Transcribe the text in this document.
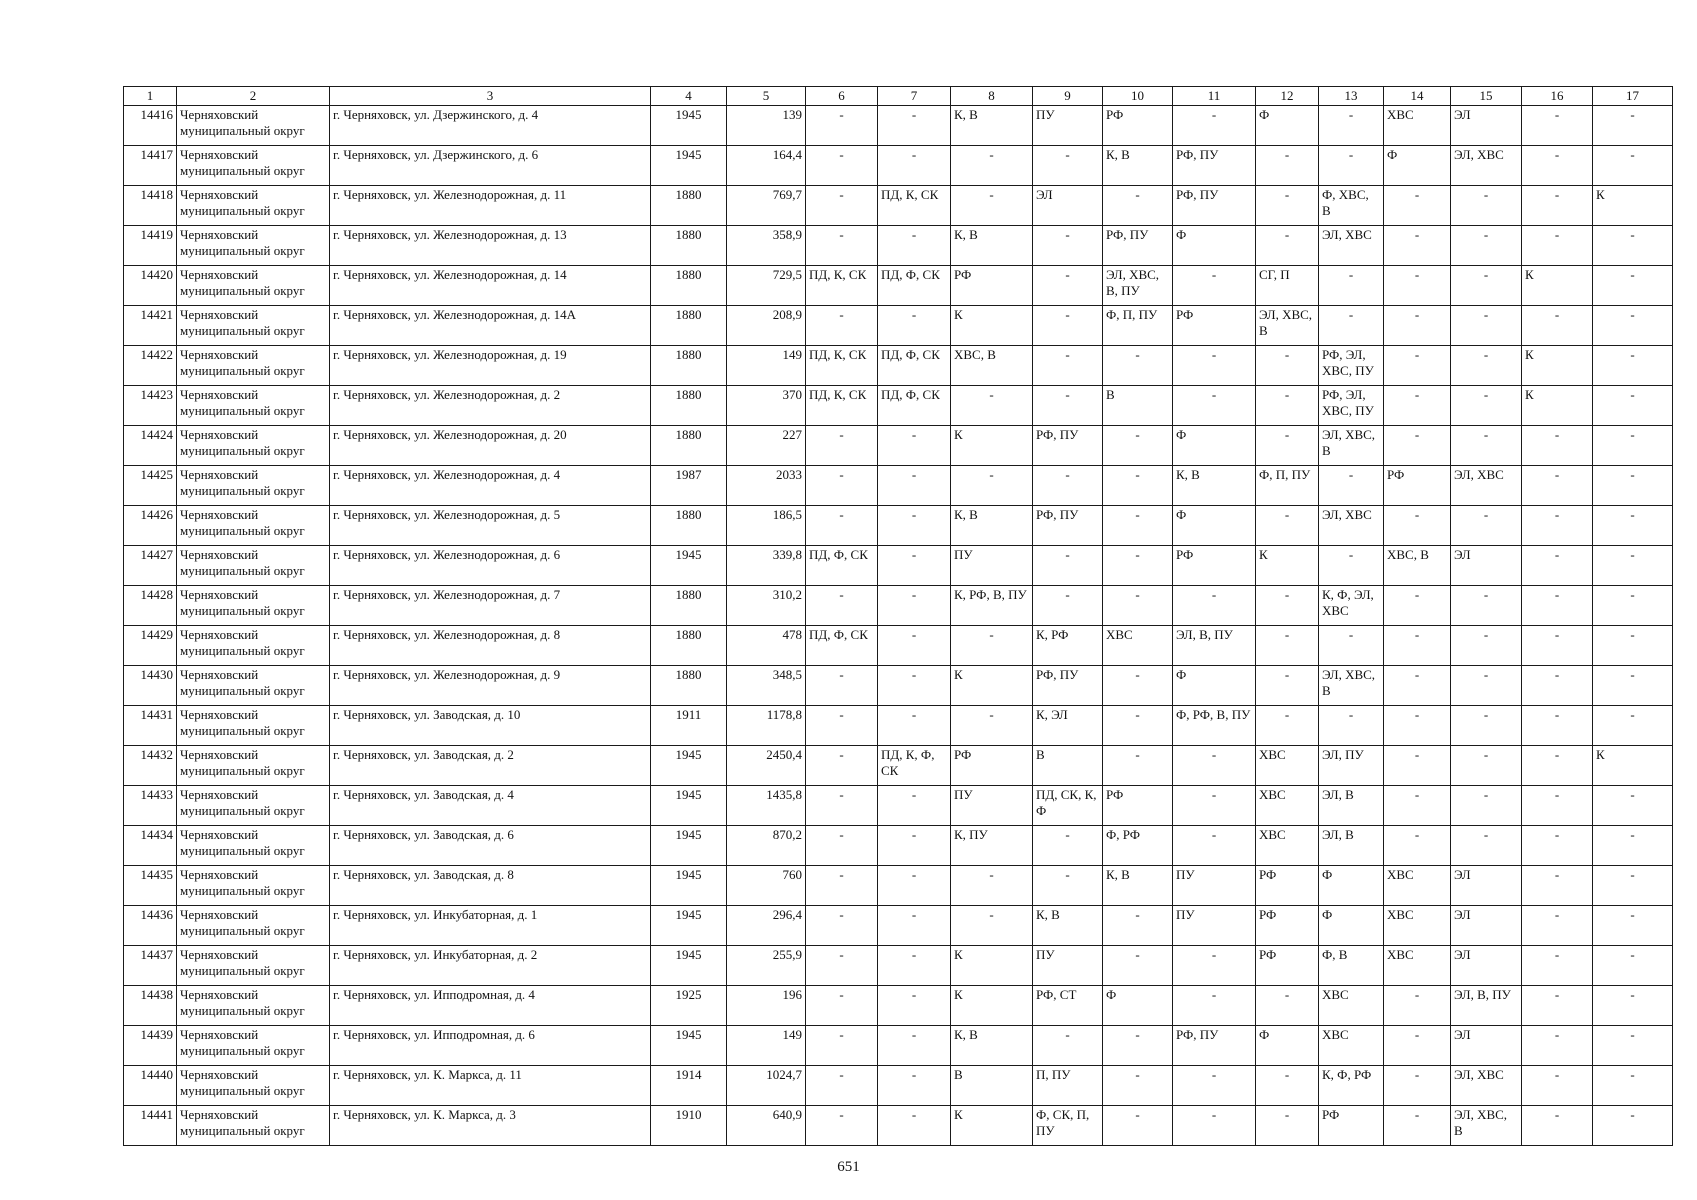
1	2	3	4	5	6	7	8	9	10	11	12	13	14	15	16	17
14416	Черняховский муниципальный округ	г. Черняховск, ул. Дзержинского, д. 4	1945	139	-	-	К, В	ПУ	РФ	-	Ф	-	ХВС	ЭЛ	-	-
14417	Черняховский муниципальный округ	г. Черняховск, ул. Дзержинского, д. 6	1945	164,4	-	-	-	-	К, В	РФ, ПУ	-	-	Ф	ЭЛ, ХВС	-	-
14418	Черняховский муниципальный округ	г. Черняховск, ул. Железнодорожная, д. 11	1880	769,7	-	ПД, К, СК	-	ЭЛ	-	РФ, ПУ	-	Ф, ХВС, В	-	-	-	К
14419	Черняховский муниципальный округ	г. Черняховск, ул. Железнодорожная, д. 13	1880	358,9	-	-	К, В	-	РФ, ПУ	Ф	-	ЭЛ, ХВС	-	-	-	-
14420	Черняховский муниципальный округ	г. Черняховск, ул. Железнодорожная, д. 14	1880	729,5	ПД, К, СК	ПД, Ф, СК	РФ	-	ЭЛ, ХВС, В, ПУ	-	СГ, П	-	-	-	К	-
14421	Черняховский муниципальный округ	г. Черняховск, ул. Железнодорожная, д. 14А	1880	208,9	-	-	К	-	Ф, П, ПУ	РФ	ЭЛ, ХВС, В	-	-	-	-	-
14422	Черняховский муниципальный округ	г. Черняховск, ул. Железнодорожная, д. 19	1880	149	ПД, К, СК	ПД, Ф, СК	ХВС, В	-	-	-	-	РФ, ЭЛ, ХВС, ПУ	-	-	К	-
14423	Черняховский муниципальный округ	г. Черняховск, ул. Железнодорожная, д. 2	1880	370	ПД, К, СК	ПД, Ф, СК	-	-	В	-	-	РФ, ЭЛ, ХВС, ПУ	-	-	К	-
14424	Черняховский муниципальный округ	г. Черняховск, ул. Железнодорожная, д. 20	1880	227	-	-	К	РФ, ПУ	-	Ф	-	ЭЛ, ХВС, В	-	-	-	-
14425	Черняховский муниципальный округ	г. Черняховск, ул. Железнодорожная, д. 4	1987	2033	-	-	-	-	-	К, В	Ф, П, ПУ	-	РФ	ЭЛ, ХВС	-	-
14426	Черняховский муниципальный округ	г. Черняховск, ул. Железнодорожная, д. 5	1880	186,5	-	-	К, В	РФ, ПУ	-	Ф	-	ЭЛ, ХВС	-	-	-	-
14427	Черняховский муниципальный округ	г. Черняховск, ул. Железнодорожная, д. 6	1945	339,8	ПД, Ф, СК	-	ПУ	-	-	РФ	К	-	ХВС, В	ЭЛ	-	-
14428	Черняховский муниципальный округ	г. Черняховск, ул. Железнодорожная, д. 7	1880	310,2	-	-	К, РФ, В, ПУ	-	-	-	-	К, Ф, ЭЛ, ХВС	-	-	-	-
14429	Черняховский муниципальный округ	г. Черняховск, ул. Железнодорожная, д. 8	1880	478	ПД, Ф, СК	-	-	К, РФ	ХВС	ЭЛ, В, ПУ	-	-	-	-	-	-
14430	Черняховский муниципальный округ	г. Черняховск, ул. Железнодорожная, д. 9	1880	348,5	-	-	К	РФ, ПУ	-	Ф	-	ЭЛ, ХВС, В	-	-	-	-
14431	Черняховский муниципальный округ	г. Черняховск, ул. Заводская, д. 10	1911	1178,8	-	-	-	К, ЭЛ	-	Ф, РФ, В, ПУ	-	-	-	-	-	-
14432	Черняховский муниципальный округ	г. Черняховск, ул. Заводская, д. 2	1945	2450,4	-	ПД, К, Ф, СК	РФ	В	-	-	ХВС	ЭЛ, ПУ	-	-	-	К
14433	Черняховский муниципальный округ	г. Черняховск, ул. Заводская, д. 4	1945	1435,8	-	-	ПУ	ПД, СК, К, Ф	РФ	-	ХВС	ЭЛ, В	-	-	-	-
14434	Черняховский муниципальный округ	г. Черняховск, ул. Заводская, д. 6	1945	870,2	-	-	К, ПУ	-	Ф, РФ	-	ХВС	ЭЛ, В	-	-	-	-
14435	Черняховский муниципальный округ	г. Черняховск, ул. Заводская, д. 8	1945	760	-	-	-	-	К, В	ПУ	РФ	Ф	ХВС	ЭЛ	-	-
14436	Черняховский муниципальный округ	г. Черняховск, ул. Инкубаторная, д. 1	1945	296,4	-	-	-	К, В	-	ПУ	РФ	Ф	ХВС	ЭЛ	-	-
14437	Черняховский муниципальный округ	г. Черняховск, ул. Инкубаторная, д. 2	1945	255,9	-	-	К	ПУ	-	-	РФ	Ф, В	ХВС	ЭЛ	-	-
14438	Черняховский муниципальный округ	г. Черняховск, ул. Ипподромная, д. 4	1925	196	-	-	К	РФ, СТ	Ф	-	-	ХВС	-	ЭЛ, В, ПУ	-	-
14439	Черняховский муниципальный округ	г. Черняховск, ул. Ипподромная, д. 6	1945	149	-	-	К, В	-	-	РФ, ПУ	Ф	ХВС	-	ЭЛ	-	-
14440	Черняховский муниципальный округ	г. Черняховск, ул. К. Маркса, д. 11	1914	1024,7	-	-	В	П, ПУ	-	-	-	К, Ф, РФ	-	ЭЛ, ХВС	-	-
14441	Черняховский муниципальный округ	г. Черняховск, ул. К. Маркса, д. 3	1910	640,9	-	-	К	Ф, СК, П, ПУ	-	-	-	РФ	-	ЭЛ, ХВС, В	-	-
651
